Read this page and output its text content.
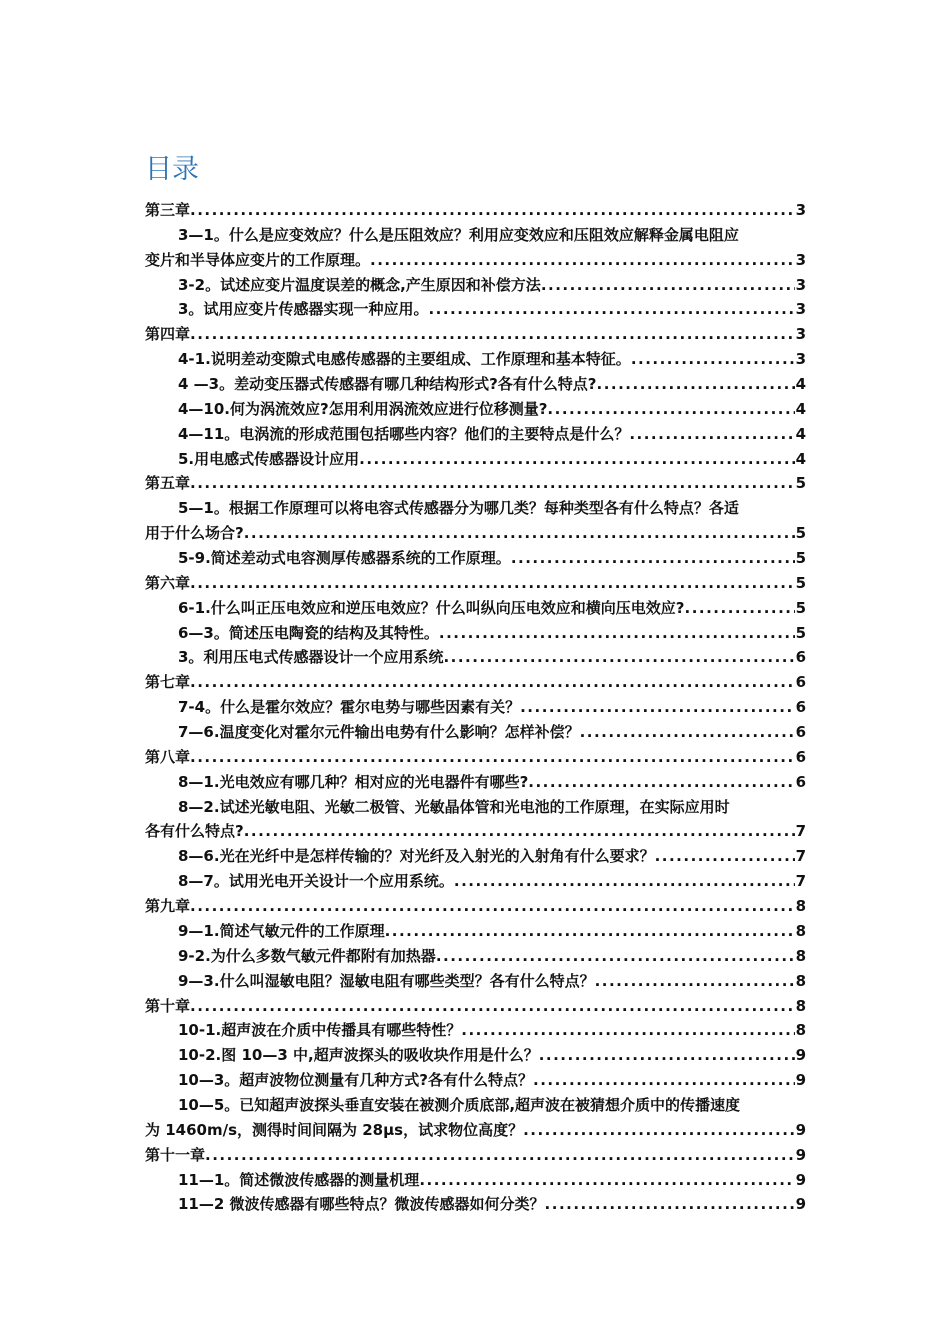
目录
第三章 .....	3
3—1。什么是应变效应？什么是压阻效应？利用应变效应和压阻效应解释金属电阻应
变片和半导体应变片的工作原理。 .....	3
3-2。试述应变片温度误差的概念,产生原因和补偿方法 .....	3
3。试用应变片传感器实现一种应用。 .....	3
第四章 .....	3
4-1.说明差动变隙式电感传感器的主要组成、工作原理和基本特征。 .....	3
4 —3。差动变压器式传感器有哪几种结构形式?各有什么特点? .....	4
4—10.何为涡流效应?怎用利用涡流效应进行位移测量? .....	4
4—11。电涡流的形成范围包括哪些内容？他们的主要特点是什么？ .....	4
5.用电感式传感器设计应用 .....	4
第五章 .....	5
5—1。根据工作原理可以将电容式传感器分为哪几类？每种类型各有什么特点？各适
用于什么场合? .....	5
5-9.简述差动式电容测厚传感器系统的工作原理。 .....	5
第六章 .....	5
6-1.什么叫正压电效应和逆压电效应？什么叫纵向压电效应和横向压电效应? .....	5
6—3。简述压电陶瓷的结构及其特性。 .....	5
3。利用压电式传感器设计一个应用系统 .....	6
第七章 .....	6
7-4。什么是霍尔效应？霍尔电势与哪些因素有关？ .....	6
7—6.温度变化对霍尔元件输出电势有什么影响？怎样补偿？ .....	6
第八章 .....	6
8—1.光电效应有哪几种？相对应的光电器件有哪些? .....	6
8—2.试述光敏电阻、光敏二极管、光敏晶体管和光电池的工作原理，在实际应用时
各有什么特点? .....	7
8—6.光在光纤中是怎样传输的？对光纤及入射光的入射角有什么要求？ .....	7
8—7。试用光电开关设计一个应用系统。 .....	7
第九章 .....	8
9—1.简述气敏元件的工作原理 .....	8
9-2.为什么多数气敏元件都附有加热器 .....	8
9—3.什么叫湿敏电阻？湿敏电阻有哪些类型？各有什么特点？ .....	8
第十章 .....	8
10-1.超声波在介质中传播具有哪些特性？ .....	8
10-2.图 10—3 中,超声波探头的吸收块作用是什么？ .....	9
10—3。超声波物位测量有几种方式?各有什么特点？ .....	9
10—5。已知超声波探头垂直安装在被测介质底部,超声波在被猜想介质中的传播速度
为 1460m/s，测得时间间隔为 28μs，试求物位高度？ .....	9
第十一章 .....	9
11—1。简述微波传感器的测量机理 .....	9
11—2 微波传感器有哪些特点？微波传感器如何分类？ .....	9
